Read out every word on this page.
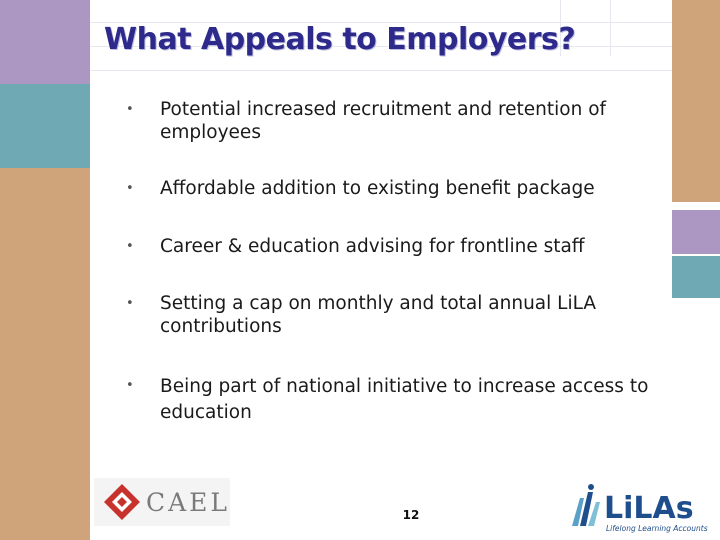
What Appeals to Employers?
•	Potential increased recruitment and retention of employees
•	Affordable addition to existing benefit package
•	Career & education advising for frontline staff
•	Setting a cap on monthly and total annual LiLA contributions
•	Being part of national initiative to increase access to education
CAEL	12	LiLAs
Lifelong Learning Accounts
